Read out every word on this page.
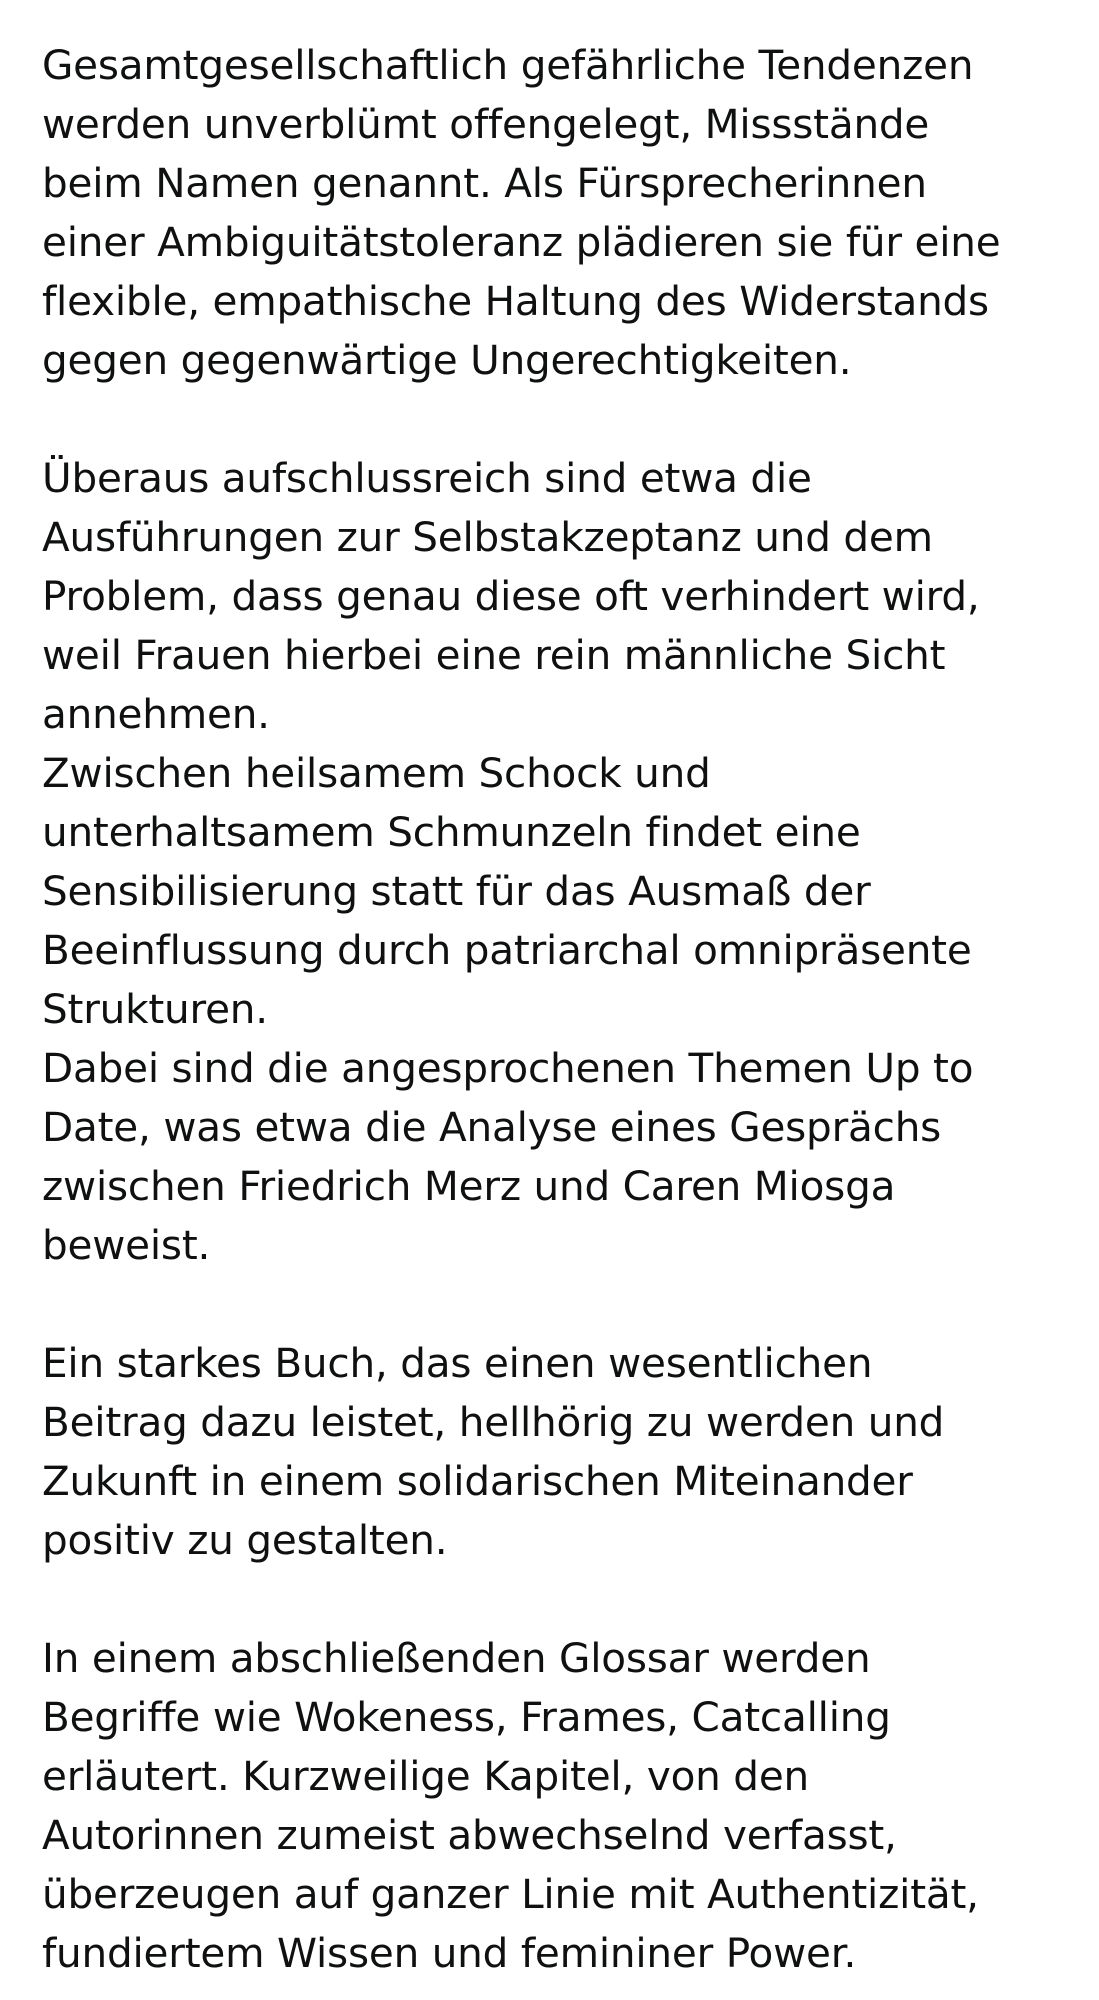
Gesamtgesellschaftlich gefährliche Tendenzen
werden unverblümt offengelegt, Missstände
beim Namen genannt. Als Fürsprecherinnen
einer Ambiguitätstoleranz plädieren sie für eine
flexible, empathische Haltung des Widerstands
gegen gegenwärtige Ungerechtigkeiten.
Überaus aufschlussreich sind etwa die
Ausführungen zur Selbstakzeptanz und dem
Problem, dass genau diese oft verhindert wird,
weil Frauen hierbei eine rein männliche Sicht
annehmen.
Zwischen heilsamem Schock und
unterhaltsamem Schmunzeln findet eine
Sensibilisierung statt für das Ausmaß der
Beeinflussung durch patriarchal omnipräsente
Strukturen.
Dabei sind die angesprochenen Themen Up to
Date, was etwa die Analyse eines Gesprächs
zwischen Friedrich Merz und Caren Miosga
beweist.
Ein starkes Buch, das einen wesentlichen
Beitrag dazu leistet, hellhörig zu werden und
Zukunft in einem solidarischen Miteinander
positiv zu gestalten.
In einem abschließenden Glossar werden
Begriffe wie Wokeness, Frames, Catcalling
erläutert. Kurzweilige Kapitel, von den
Autorinnen zumeist abwechselnd verfasst,
überzeugen auf ganzer Linie mit Authentizität,
fundiertem Wissen und femininer Power.
